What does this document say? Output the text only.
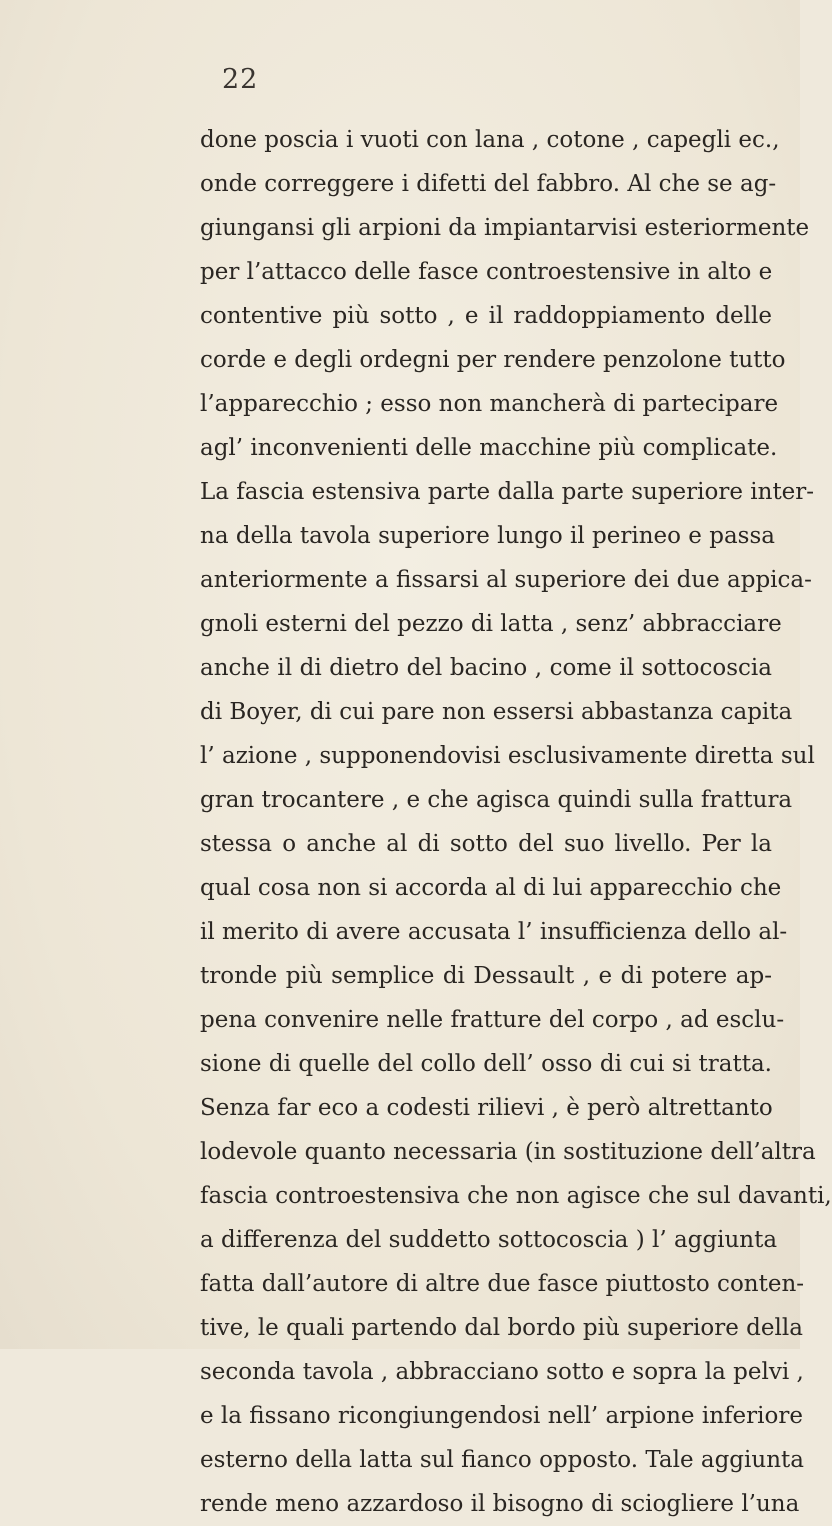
22
done poscia i vuoti con lana , cotone , capegli ec.,
onde correggere i difetti del fabbro. Al che se ag-
giungansi gli arpioni da impiantarvisi esteriormente
per l’attacco delle fasce controestensive in alto e
contentive più sotto , e il raddoppiamento delle
corde e degli ordegni per rendere penzolone tutto
l’apparecchio ; esso non mancherà di partecipare
agl’ inconvenienti delle macchine più complicate.
La fascia estensiva parte dalla parte superiore inter-
na della tavola superiore lungo il perineo e passa
anteriormente a fissarsi al superiore dei due appica-
gnoli esterni del pezzo di latta , senz’ abbracciare
anche il di dietro del bacino , come il sottocoscia
di Boyer, di cui pare non essersi abbastanza capita
l’ azione , supponendovisi esclusivamente diretta sul
gran trocantere , e che agisca quindi sulla frattura
stessa o anche al di sotto del suo livello. Per la
qual cosa non si accorda al di lui apparecchio che
il merito di avere accusata l’ insufficienza dello al-
tronde più semplice di Dessault , e di potere ap-
pena convenire nelle fratture del corpo , ad esclu-
sione di quelle del collo dell’ osso di cui si tratta.
Senza far eco a codesti rilievi , è però altrettanto
lodevole quanto necessaria (in sostituzione dell’altra
fascia controestensiva che non agisce che sul davanti,
a differenza del suddetto sottocoscia ) l’ aggiunta
fatta dall’autore di altre due fasce piuttosto conten-
tive, le quali partendo dal bordo più superiore della
seconda tavola , abbracciano sotto e sopra la pelvi ,
e la fissano ricongiungendosi nell’ arpione inferiore
esterno della latta sul fianco opposto. Tale aggiunta
rende meno azzardoso il bisogno di sciogliere l’una
